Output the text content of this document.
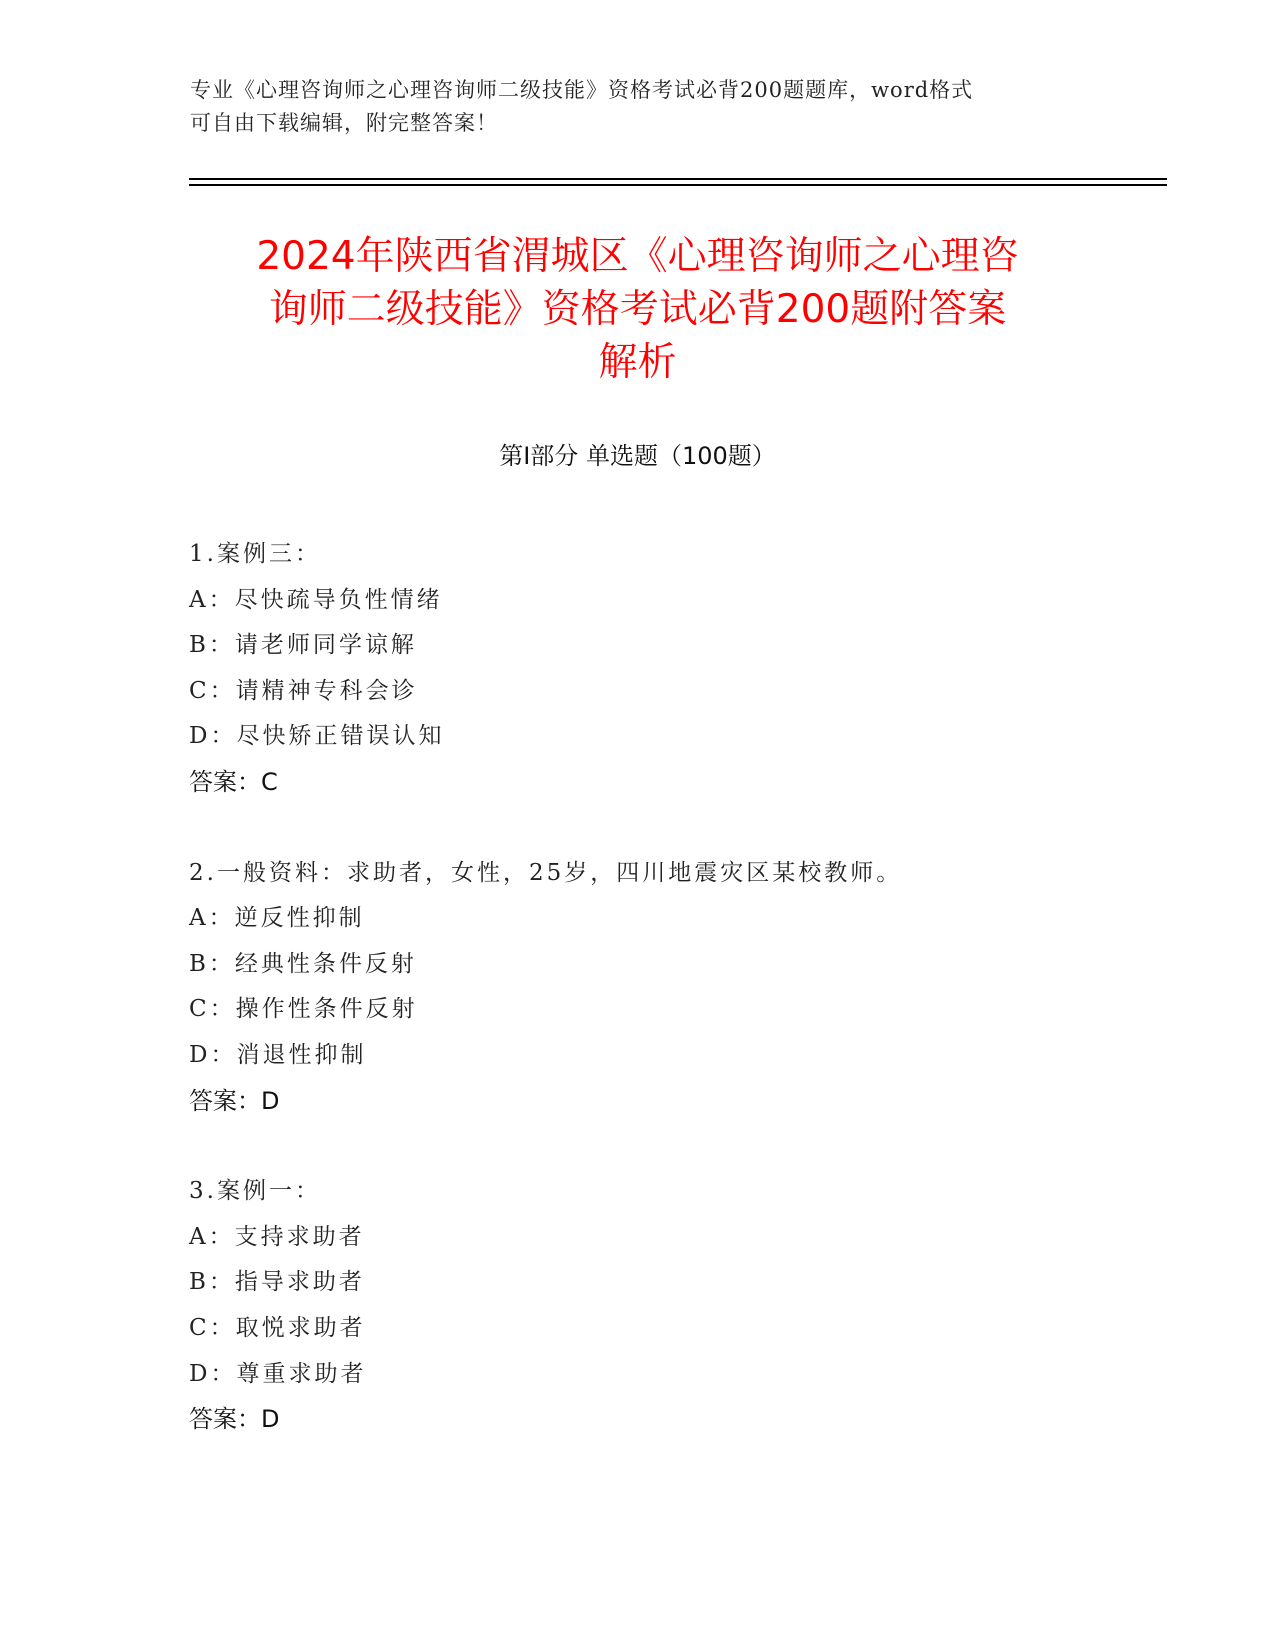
专业《心理咨询师之心理咨询师二级技能》资格考试必背200题题库，word格式
可自由下载编辑，附完整答案！
2024年陕西省渭城区《心理咨询师之心理咨
询师二级技能》资格考试必背200题附答案
解析
第Ⅰ部分 单选题（100题）
1.案例三：
A：尽快疏导负性情绪
B：请老师同学谅解
C：请精神专科会诊
D：尽快矫正错误认知
答案：C
2.一般资料：求助者，女性，25岁，四川地震灾区某校教师。
A：逆反性抑制
B：经典性条件反射
C：操作性条件反射
D：消退性抑制
答案：D
3.案例一：
A：支持求助者
B：指导求助者
C：取悦求助者
D：尊重求助者
答案：D
